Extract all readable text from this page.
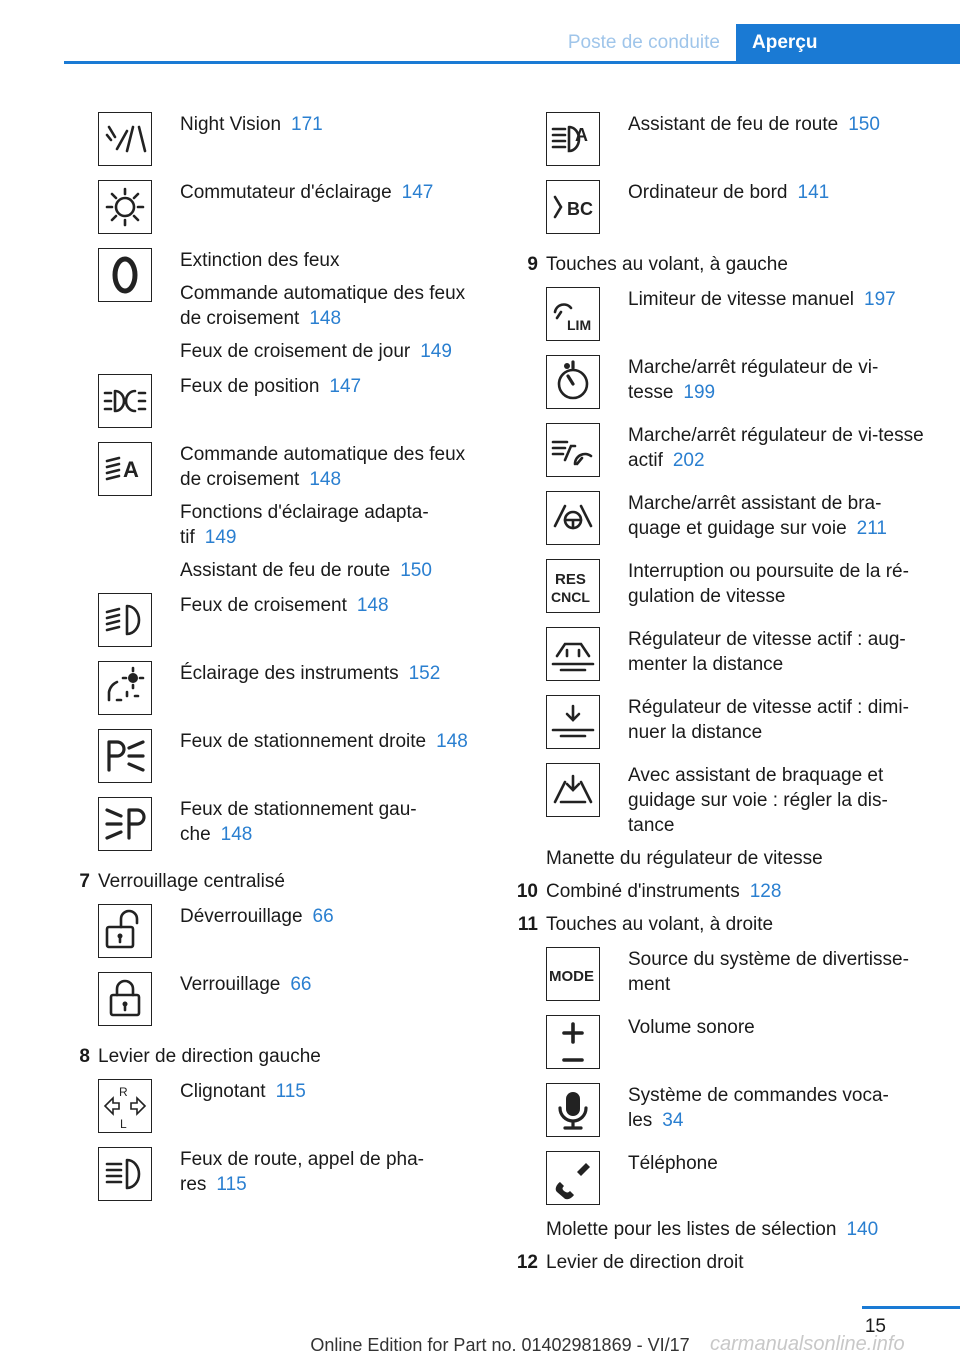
Poste de conduite	Aperçu

Night Vision 171

Commutateur d'éclairage 147

Extinction des feux

Commande automatique des feux de croisement 148

Feux de croisement de jour 149

Feux de position 147

A

Commande automatique des feux de croisement 148

Fonctions d'éclairage adapta-tif 149

Assistant de feu de route 150

Feux de croisement 148

Éclairage des instruments 152

Feux de stationnement droite 148

Feux de stationnement gau-che 148

7 Verrouillage centralisé

Déverrouillage 66

Verrouillage 66

8 Levier de direction gauche
R
L

Clignotant 115

Feux de route, appel de pha-res 115

A Assistant de feu de route 150

BC

Ordinateur de bord 141

9 Touches au volant, à gauche
LIM

Limiteur de vitesse manuel 197

Marche/arrêt régulateur de vi-tesse 199

Marche/arrêt régulateur de vi-tesse actif 202

Marche/arrêt assistant de bra-quage et guidage sur voie 211

RES
CNCL

Interruption ou poursuite de la ré-gulation de vitesse

Régulateur de vitesse actif : aug-menter la distance

Régulateur de vitesse actif : dimi-nuer la distance

Avec assistant de braquage et guidage sur voie : régler la dis-tance

Manette du régulateur de vitesse
10 Combiné d'instruments 128
11 Touches au volant, à droite
MODE

Source du système de divertisse-ment

Volume sonore

Système de commandes voca-les 34

Téléphone

Molette pour les listes de sélection 140
12 Levier de direction droit
15
Online Edition for Part no. 01402981869 - VI/17	carmanualsonline.info
